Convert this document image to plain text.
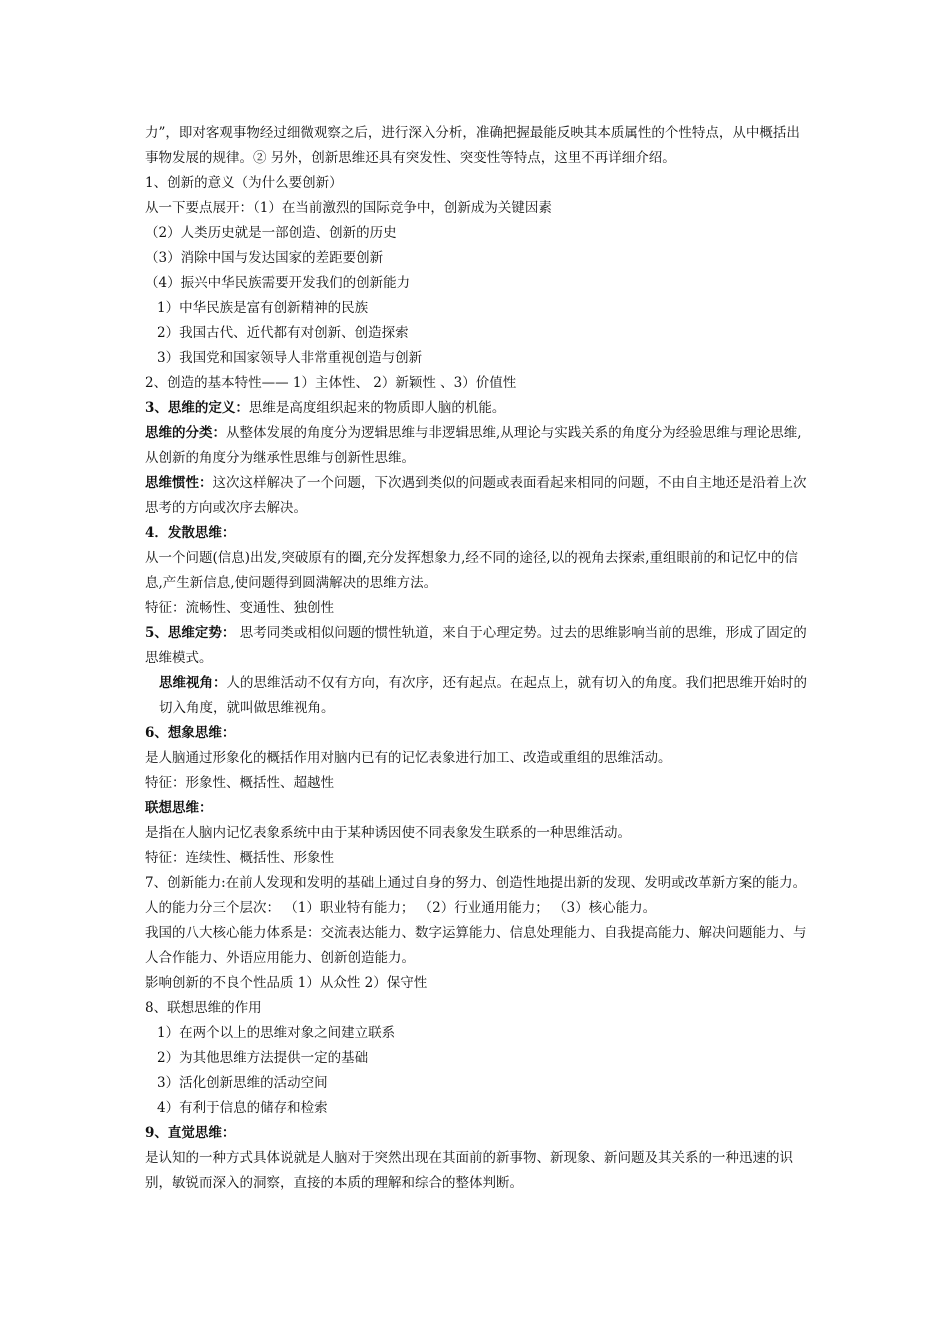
力”，即对客观事物经过细微观察之后，进行深入分析，准确把握最能反映其本质属性的个性特点，从中概括出事物发展的规律。② 另外，创新思维还具有突发性、突变性等特点，这里不再详细介绍。

1、创新的意义（为什么要创新）

从一下要点展开：（1）在当前激烈的国际竞争中，创新成为关键因素

（2）人类历史就是一部创造、创新的历史

（3）消除中国与发达国家的差距要创新

（4）振兴中华民族需要开发我们的创新能力

1）中华民族是富有创新精神的民族

2）我国古代、近代都有对创新、创造探索

3）我国党和国家领导人非常重视创造与创新

2、创造的基本特性—— 1）主体性、 2）新颖性 、3）价值性

3、思维的定义：思维是高度组织起来的物质即人脑的机能。

思维的分类：从整体发展的角度分为逻辑思维与非逻辑思维,从理论与实践关系的角度分为经验思维与理论思维,从创新的角度分为继承性思维与创新性思维。

思维惯性：这次这样解决了一个问题，下次遇到类似的问题或表面看起来相同的问题，不由自主地还是沿着上次思考的方向或次序去解决。

4．发散思维：

从一个问题(信息)出发,突破原有的圈,充分发挥想象力,经不同的途径,以的视角去探索,重组眼前的和记忆中的信息,产生新信息,使问题得到圆满解决的思维方法。

特征：流畅性、变通性、独创性

5、思维定势： 思考同类或相似问题的惯性轨道，来自于心理定势。过去的思维影响当前的思维，形成了固定的思维模式。

思维视角：人的思维活动不仅有方向，有次序，还有起点。在起点上，就有切入的角度。我们把思维开始时的切入角度，就叫做思维视角。

6、想象思维：

是人脑通过形象化的概括作用对脑内已有的记忆表象进行加工、改造或重组的思维活动。

特征：形象性、概括性、超越性

联想思维：

是指在人脑内记忆表象系统中由于某种诱因使不同表象发生联系的一种思维活动。

特征：连续性、概括性、形象性

7、创新能力:在前人发现和发明的基础上通过自身的努力、创造性地提出新的发现、发明或改革新方案的能力。

人的能力分三个层次： （1）职业特有能力； （2）行业通用能力； （3）核心能力。

我国的八大核心能力体系是：交流表达能力、数字运算能力、信息处理能力、自我提高能力、解决问题能力、与人合作能力、外语应用能力、创新创造能力。

影响创新的不良个性品质 1）从众性 2）保守性

8、联想思维的作用

1）在两个以上的思维对象之间建立联系

2）为其他思维方法提供一定的基础

3）活化创新思维的活动空间

4）有利于信息的储存和检索

9、直觉思维：

是认知的一种方式具体说就是人脑对于突然出现在其面前的新事物、新现象、新问题及其关系的一种迅速的识别，敏锐而深入的洞察，直接的本质的理解和综合的整体判断。
